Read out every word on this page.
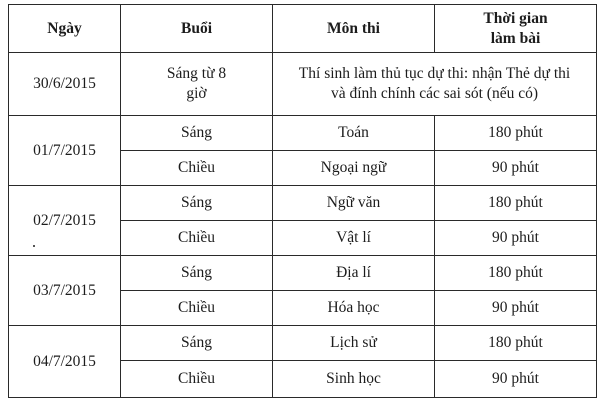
Ngày	Buổi	Môn thi	Thời gian làm bài
30/6/2015	Sáng từ 8 giờ	Thí sinh làm thủ tục dự thi: nhận Thẻ dự thi và đính chính các sai sót (nếu có)	
01/7/2015	Sáng	Toán	180 phút
	Chiều	Ngoại ngữ	90 phút
02/7/2015	Sáng	Ngữ văn	180 phút
	Chiều	Vật lí	90 phút
03/7/2015	Sáng	Địa lí	180 phút
	Chiều	Hóa học	90 phút
04/7/2015	Sáng	Lịch sử	180 phút
	Chiều	Sinh học	90 phút
